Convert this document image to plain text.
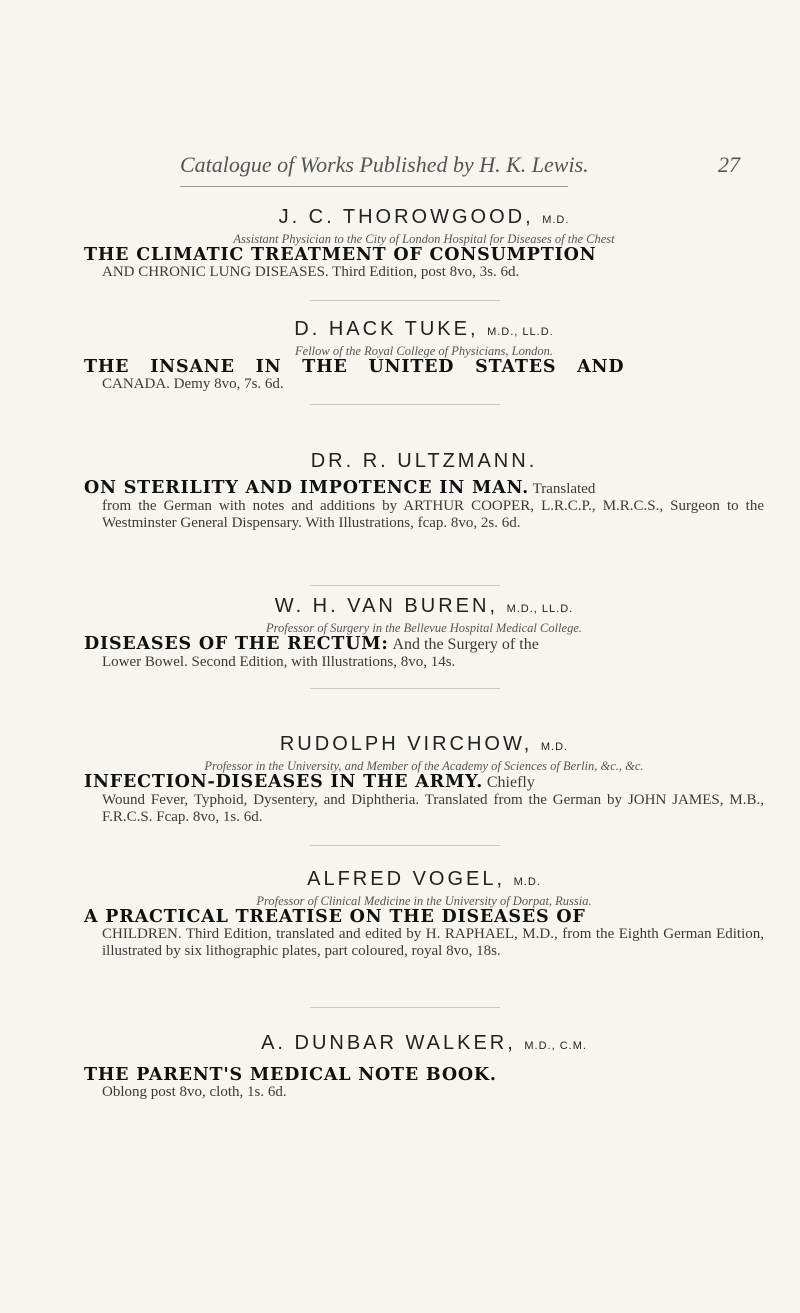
Catalogue of Works Published by H. K. Lewis.	27
J. C. THOROWGOOD, M.D.
Assistant Physician to the City of London Hospital for Diseases of the Chest
THE CLIMATIC TREATMENT OF CONSUMPTION
AND CHRONIC LUNG DISEASES. Third Edition, post 8vo, 3s. 6d.
D. HACK TUKE, M.D., LL.D.
Fellow of the Royal College of Physicians, London.
THE INSANE IN THE UNITED STATES AND
CANADA. Demy 8vo, 7s. 6d.
DR. R. ULTZMANN.
ON STERILITY AND IMPOTENCE IN MAN. Translated
from the German with notes and additions by ARTHUR COOPER, L.R.C.P., M.R.C.S., Surgeon to the Westminster General Dispensary. With Illustrations, fcap. 8vo, 2s. 6d.
W. H. VAN BUREN, M.D., LL.D.
Professor of Surgery in the Bellevue Hospital Medical College.
DISEASES OF THE RECTUM: And the Surgery of the
Lower Bowel. Second Edition, with Illustrations, 8vo, 14s.
RUDOLPH VIRCHOW, M.D.
Professor in the University, and Member of the Academy of Sciences of Berlin, &c., &c.
INFECTION-DISEASES IN THE ARMY. Chiefly
Wound Fever, Typhoid, Dysentery, and Diphtheria. Translated from the German by JOHN JAMES, M.B., F.R.C.S. Fcap. 8vo, 1s. 6d.
ALFRED VOGEL, M.D.
Professor of Clinical Medicine in the University of Dorpat, Russia.
A PRACTICAL TREATISE ON THE DISEASES OF
CHILDREN. Third Edition, translated and edited by H. RAPHAEL, M.D., from the Eighth German Edition, illustrated by six lithographic plates, part coloured, royal 8vo, 18s.
A. DUNBAR WALKER, M.D., C.M.
THE PARENT'S MEDICAL NOTE BOOK.
Oblong post 8vo, cloth, 1s. 6d.
